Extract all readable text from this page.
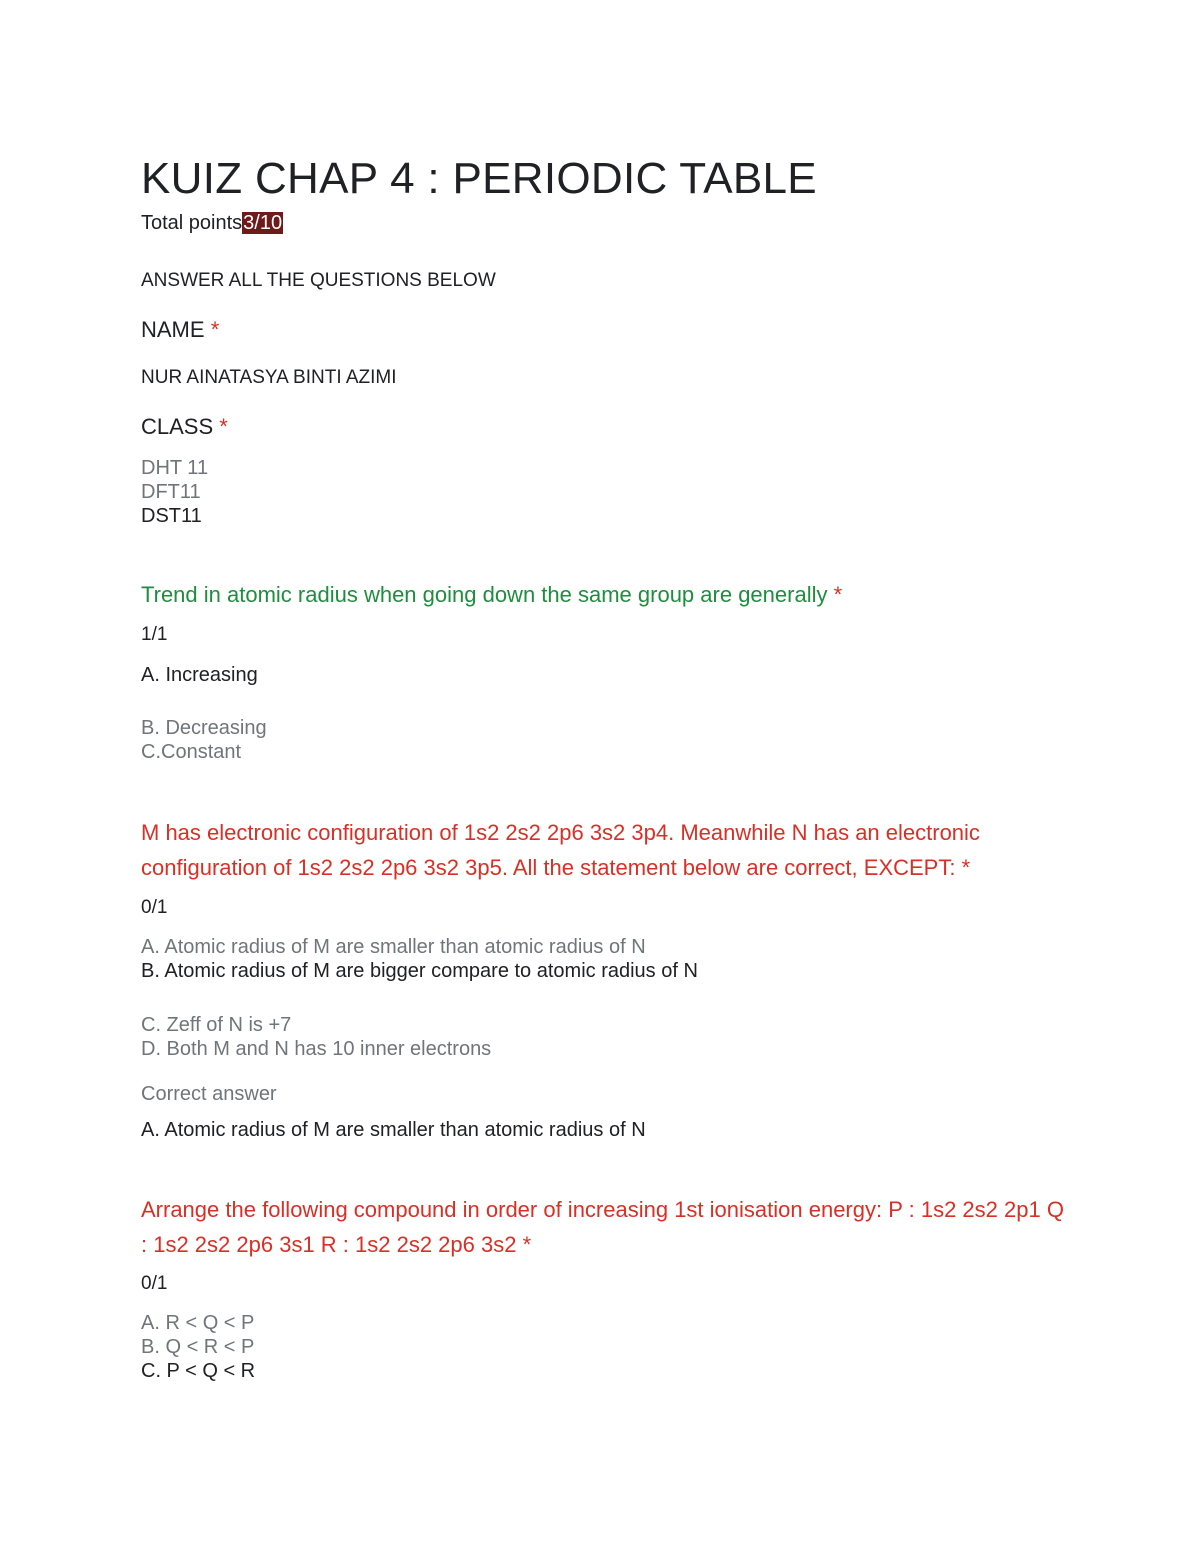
KUIZ CHAP 4 : PERIODIC TABLE
Total points3/10
ANSWER ALL THE QUESTIONS BELOW
NAME *
NUR AINATASYA BINTI AZIMI
CLASS *
DHT 11
DFT11
DST11
Trend in atomic radius when going down the same group are generally *
1/1
A. Increasing
B. Decreasing
C.Constant
M has electronic configuration of 1s2 2s2 2p6 3s2 3p4. Meanwhile N has an electronic configuration of 1s2 2s2 2p6 3s2 3p5. All the statement below are correct, EXCEPT: *
0/1
A. Atomic radius of M are smaller than atomic radius of N
B. Atomic radius of M are bigger compare to atomic radius of N
C. Zeff of N is +7
D. Both M and N has 10 inner electrons
Correct answer
A. Atomic radius of M are smaller than atomic radius of N
Arrange the following compound in order of increasing 1st ionisation energy: P : 1s2 2s2 2p1 Q : 1s2 2s2 2p6 3s1 R : 1s2 2s2 2p6 3s2 *
0/1
A. R < Q < P
B. Q < R < P
C. P < Q < R
